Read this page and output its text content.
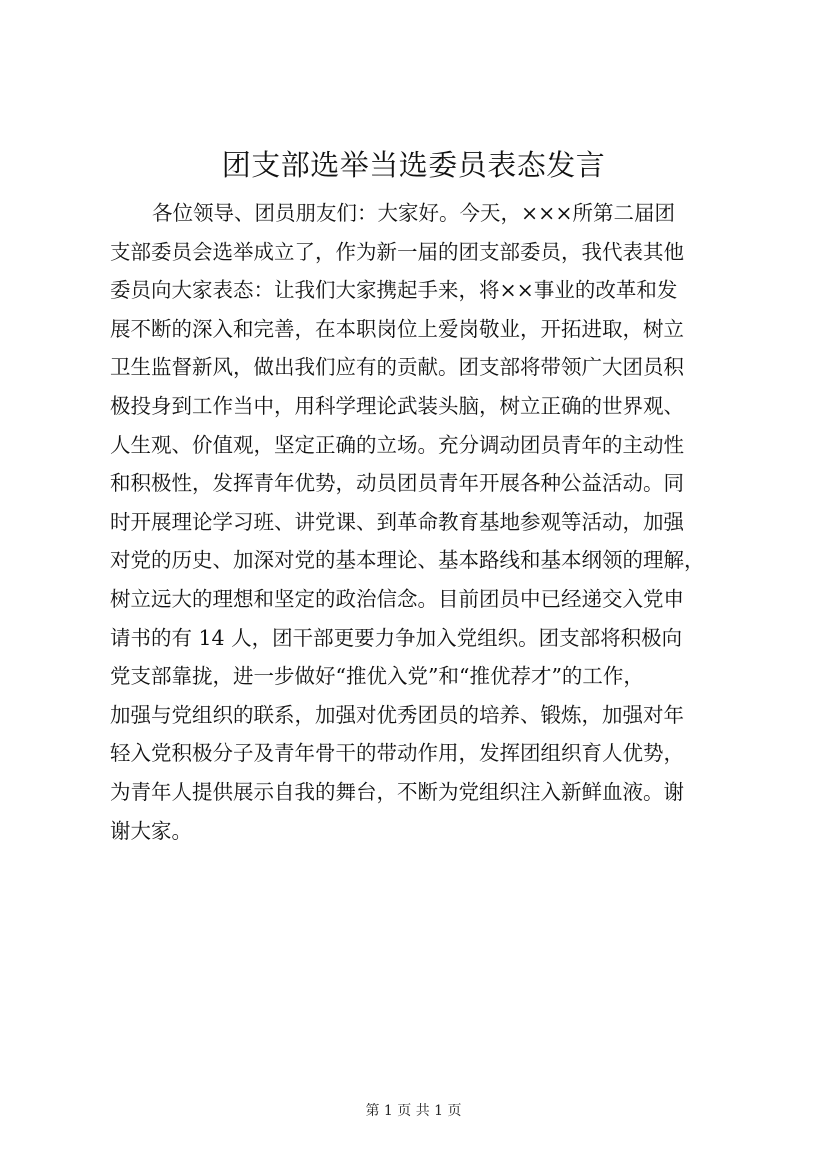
团支部选举当选委员表态发言
各位领导、团员朋友们：大家好。今天，×××所第二届团
支部委员会选举成立了，作为新一届的团支部委员，我代表其他
委员向大家表态：让我们大家携起手来，将××事业的改革和发
展不断的深入和完善，在本职岗位上爱岗敬业，开拓进取，树立
卫生监督新风，做出我们应有的贡献。团支部将带领广大团员积
极投身到工作当中，用科学理论武装头脑，树立正确的世界观、
人生观、价值观，坚定正确的立场。充分调动团员青年的主动性
和积极性，发挥青年优势，动员团员青年开展各种公益活动。同
时开展理论学习班、讲党课、到革命教育基地参观等活动，加强
对党的历史、加深对党的基本理论、基本路线和基本纲领的理解，
树立远大的理想和坚定的政治信念。目前团员中已经递交入党申
请书的有 14 人，团干部更要力争加入党组织。团支部将积极向
党支部靠拢，进一步做好“推优入党”和“推优荐才”的工作，
加强与党组织的联系，加强对优秀团员的培养、锻炼，加强对年
轻入党积极分子及青年骨干的带动作用，发挥团组织育人优势，
为青年人提供展示自我的舞台，不断为党组织注入新鲜血液。谢
谢大家。
第 1 页 共 1 页
